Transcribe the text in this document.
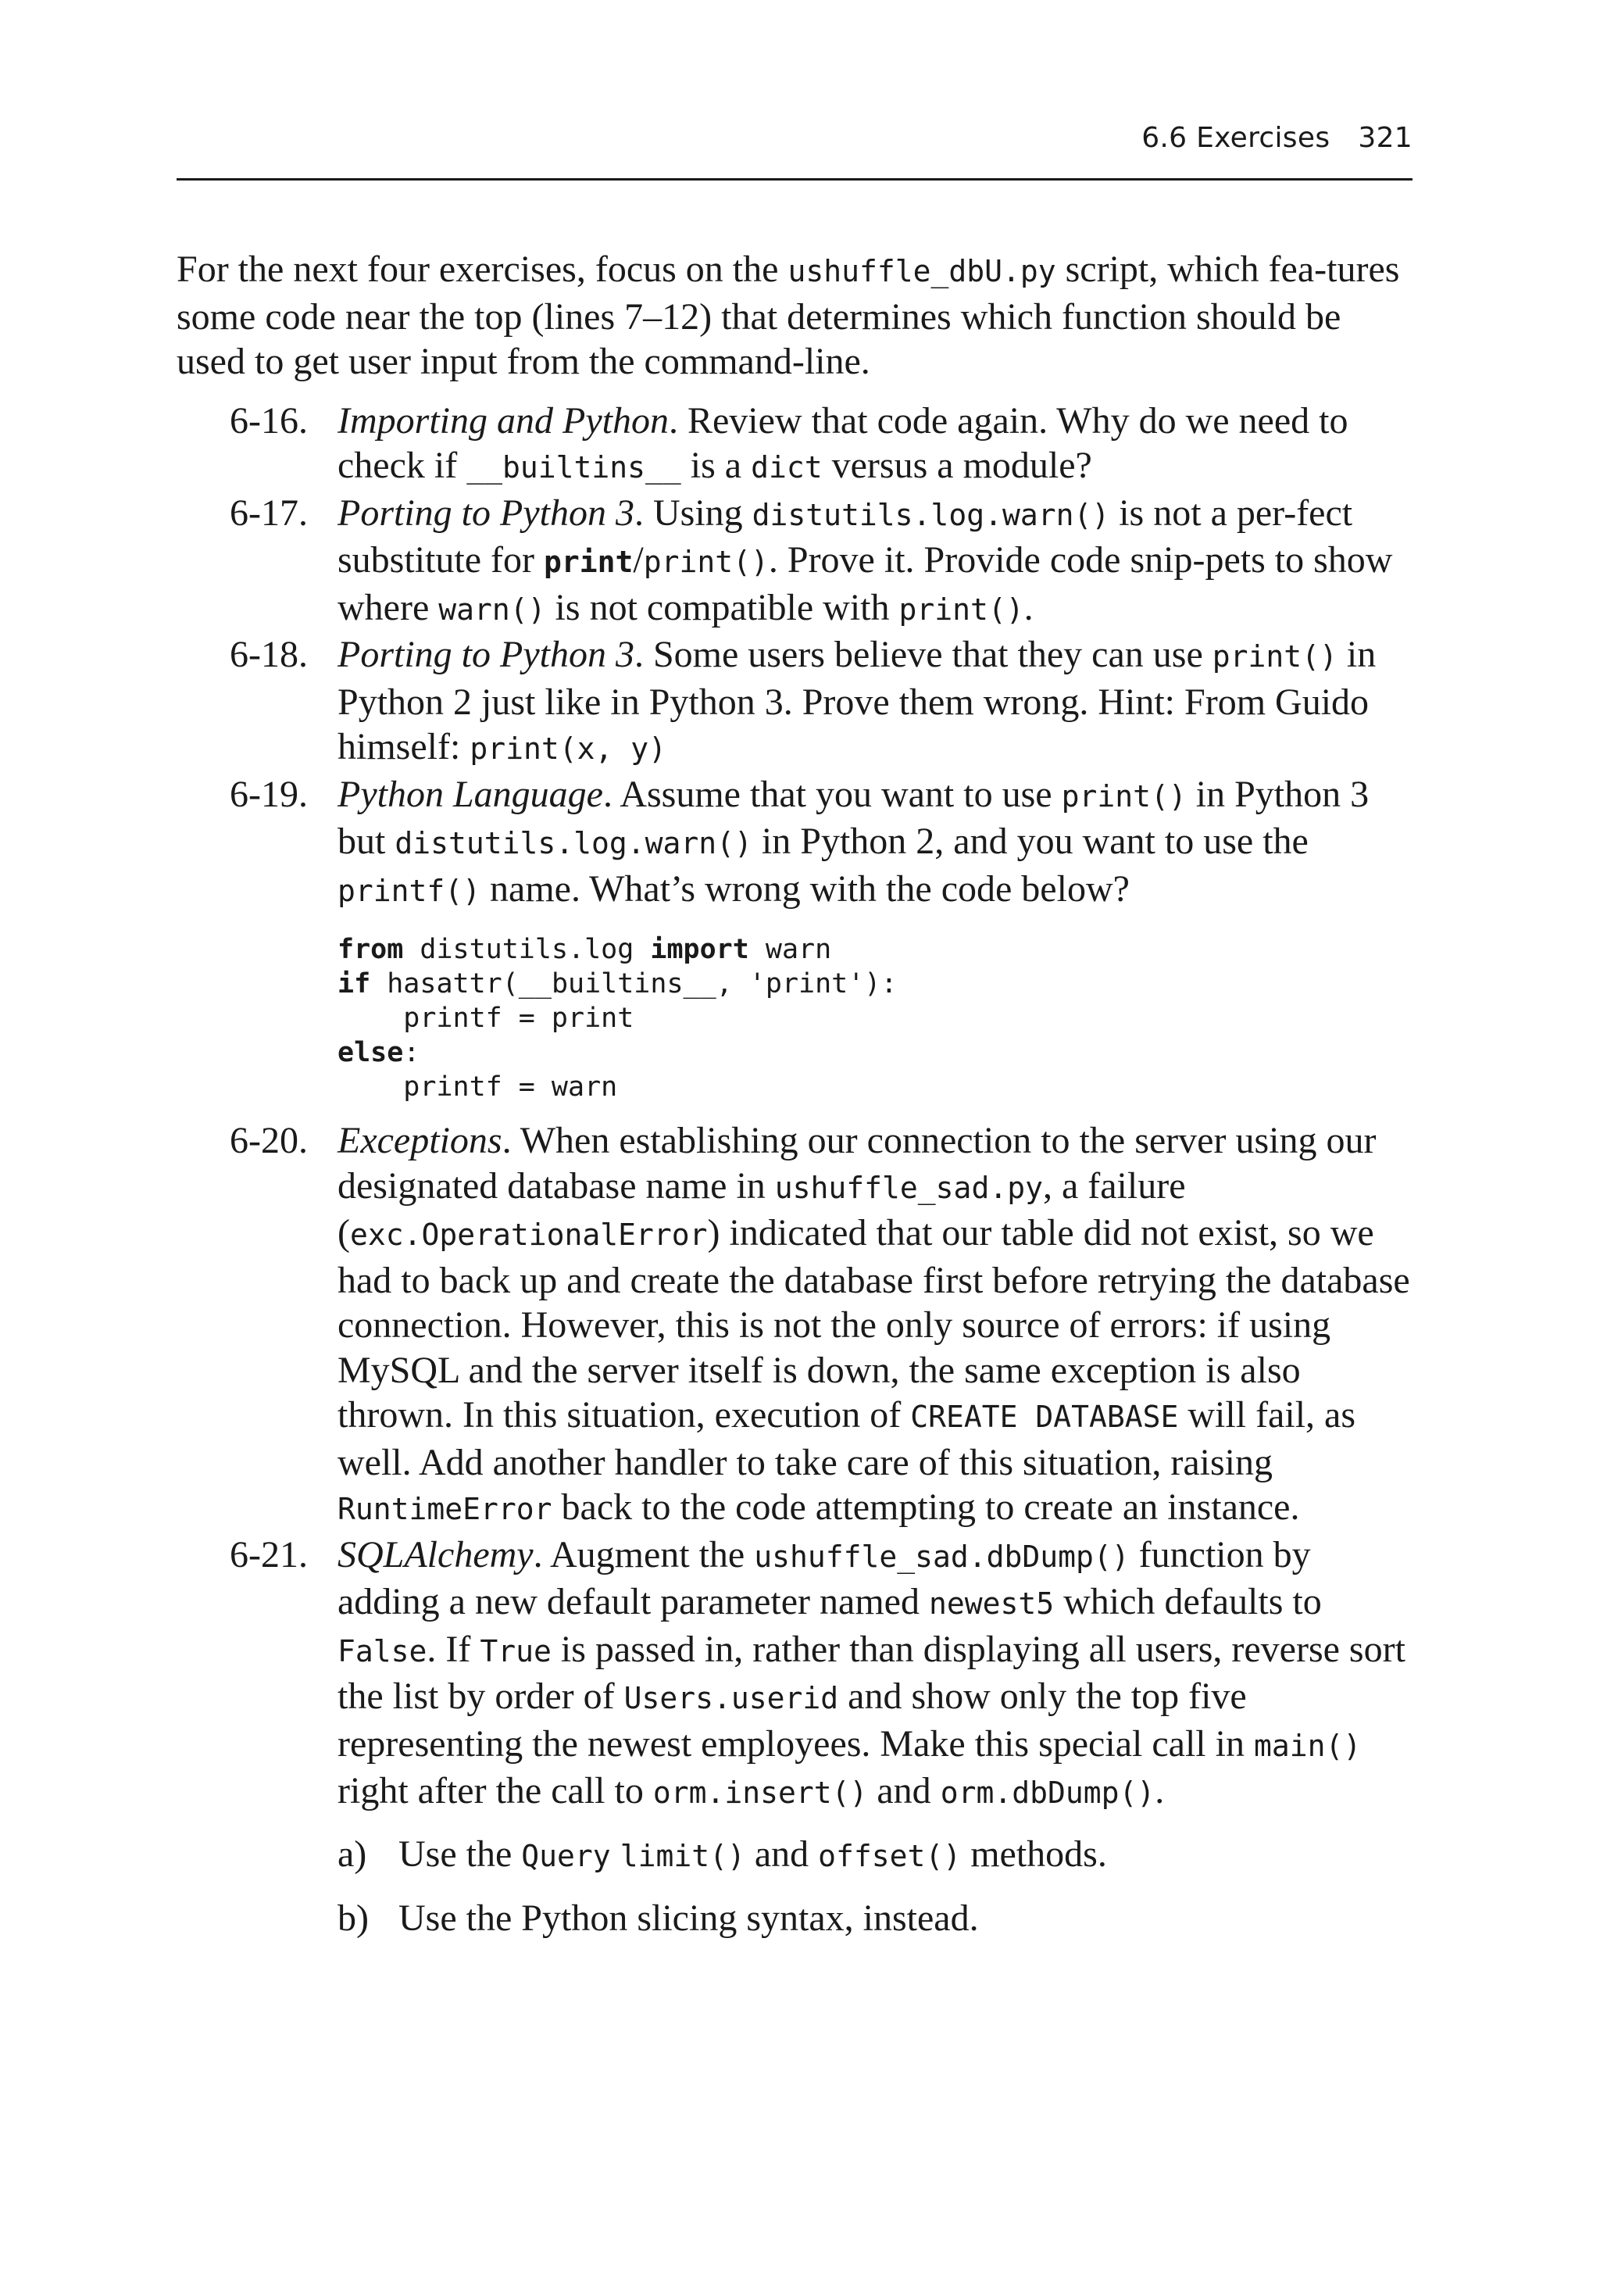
6.6 Exercises 321

For the next four exercises, focus on the ushuffle_dbU.py script, which fea-tures some code near the top (lines 7–12) that determines which function should be used to get user input from the command-line.

6-16. Importing and Python. Review that code again. Why do we need to check if __builtins__ is a dict versus a module?

6-17. Porting to Python 3. Using distutils.log.warn() is not a per-fect substitute for print/print(). Prove it. Provide code snip-pets to show where warn() is not compatible with print().

6-18. Porting to Python 3. Some users believe that they can use print() in Python 2 just like in Python 3. Prove them wrong. Hint: From Guido himself: print(x, y)

6-19. Python Language. Assume that you want to use print() in Python 3 but distutils.log.warn() in Python 2, and you want to use the printf() name. What’s wrong with the code below?
from distutils.log import warn
if hasattr(__builtins__, 'print'):
printf = print
else:
printf = warn

6-20. Exceptions. When establishing our connection to the server using our designated database name in ushuffle_sad.py, a failure (exc.OperationalError) indicated that our table did not exist, so we had to back up and create the database first before retrying the database connection. However, this is not the only source of errors: if using MySQL and the server itself is down, the same exception is also thrown. In this situation, execution of CREATE DATABASE will fail, as well. Add another handler to take care of this situation, raising RuntimeError back to the code attempting to create an instance.

6-21. SQLAlchemy. Augment the ushuffle_sad.dbDump() function by adding a new default parameter named newest5 which defaults to False. If True is passed in, rather than displaying all users, reverse sort the list by order of Users.userid and show only the top five representing the newest employees. Make this special call in main() right after the call to orm.insert() and orm.dbDump().
a) Use the Query limit() and offset() methods.
b) Use the Python slicing syntax, instead.
